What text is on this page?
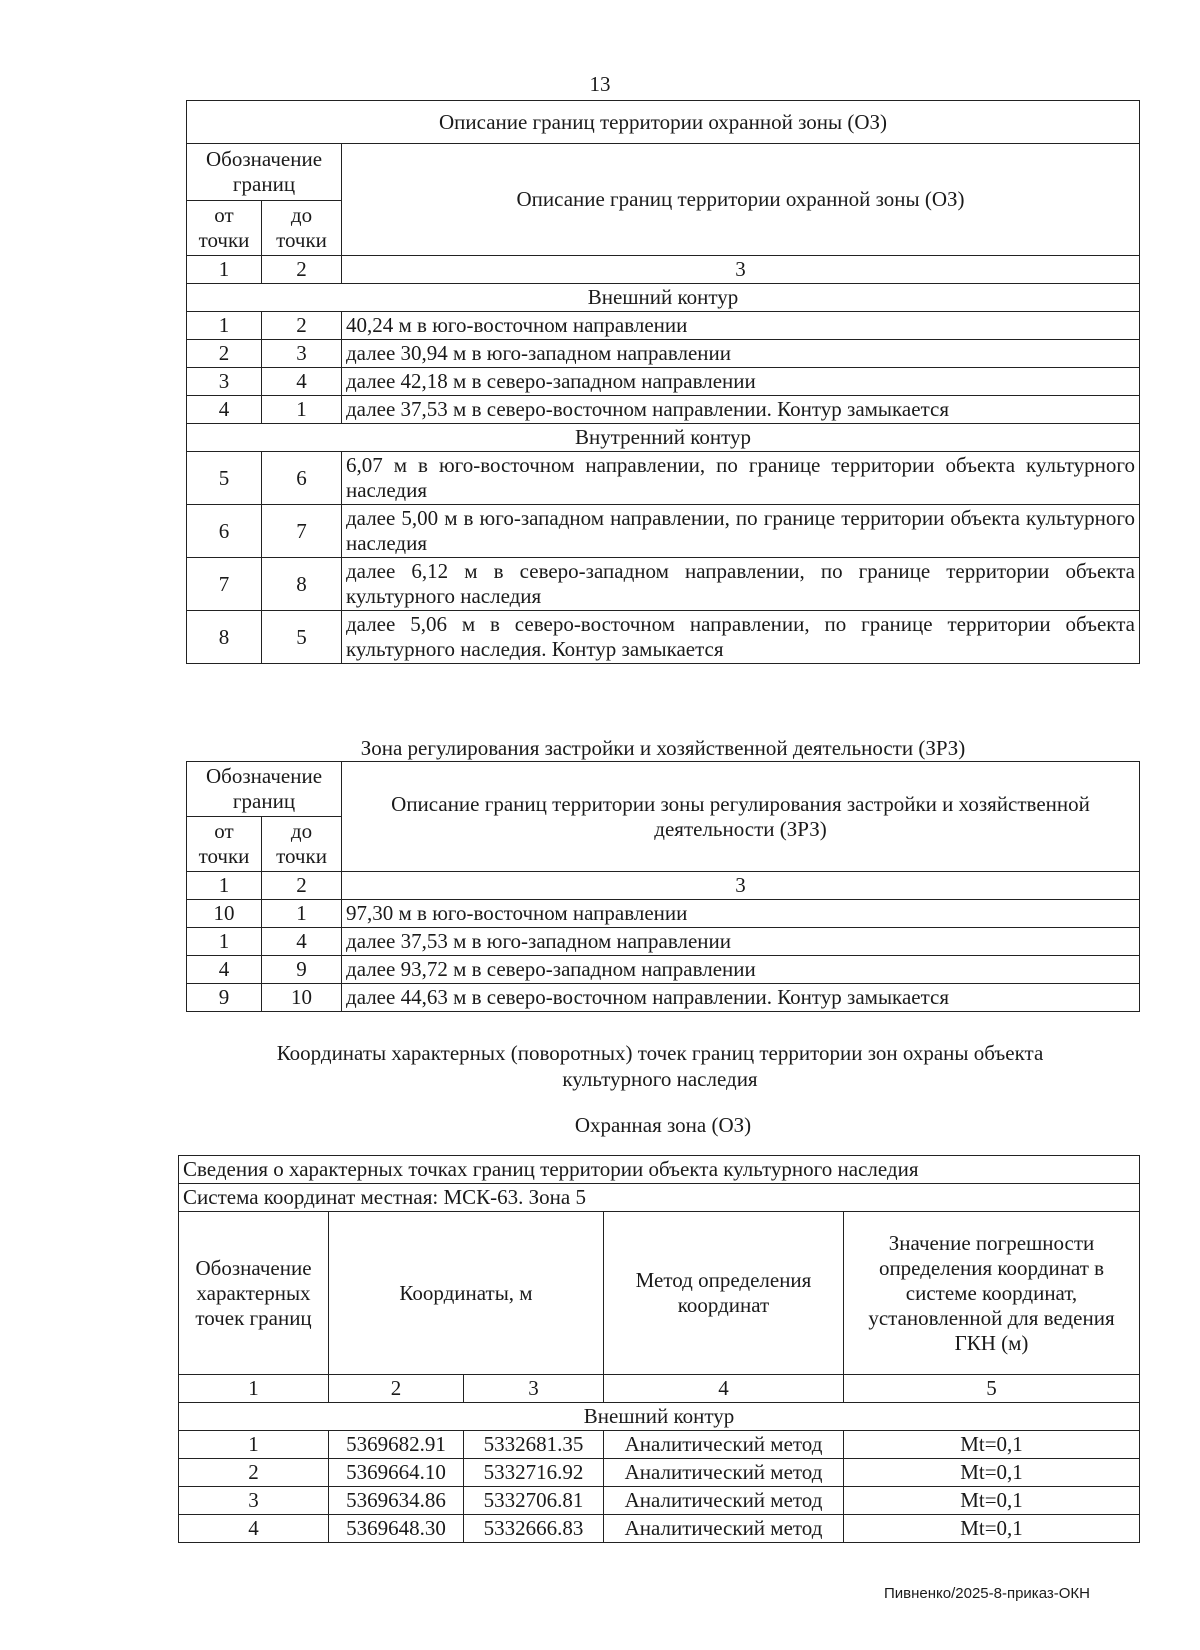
13
Описание границ территории охранной зоны (ОЗ)		
Обозначение границ		Описание границ территории охранной зоны (ОЗ)
от точки	до точки	
1	2	3
Внешний контур		
1	2	40,24 м в юго-восточном направлении
2	3	далее 30,94 м в юго-западном направлении
3	4	далее 42,18 м в северо-западном направлении
4	1	далее 37,53 м в северо-восточном направлении. Контур замыкается
Внутренний контур		
5	6	6,07 м в юго-восточном направлении, по границе территории объекта культурного наследия
6	7	далее 5,00 м в юго-западном направлении, по границе территории объекта культурного наследия
7	8	далее 6,12 м в северо-западном направлении, по границе территории объекта культурного наследия
8	5	далее 5,06 м в северо-восточном направлении, по границе территории объекта культурного наследия. Контур замыкается
Зона регулирования застройки и хозяйственной деятельности (ЗРЗ)
Обозначение границ		Описание границ территории зоны регулирования застройки и хозяйственной деятельности (ЗРЗ)
от точки	до точки	
1	2	3
10	1	97,30 м в юго-восточном направлении
1	4	далее 37,53 м в юго-западном направлении
4	9	далее 93,72 м в северо-западном направлении
9	10	далее 44,63 м в северо-восточном направлении. Контур замыкается
Координаты характерных (поворотных) точек границ территории зон охраны объекта культурного наследия
Охранная зона (ОЗ)
Сведения о характерных точках границ территории объекта культурного наследия				
Система координат местная: МСК-63. Зона 5				
Обозначение характерных точек границ	Координаты, м		Метод определения координат	Значение погрешности определения координат в системе координат, установленной для ведения ГКН (м)

1	2	3	4	5
Внешний контур				
1	5369682.91	5332681.35	Аналитический метод	Mt=0,1
2	5369664.10	5332716.92	Аналитический метод	Mt=0,1
3	5369634.86	5332706.81	Аналитический метод	Mt=0,1
4	5369648.30	5332666.83	Аналитический метод	Mt=0,1
Пивненко/2025-8-приказ-ОКН
